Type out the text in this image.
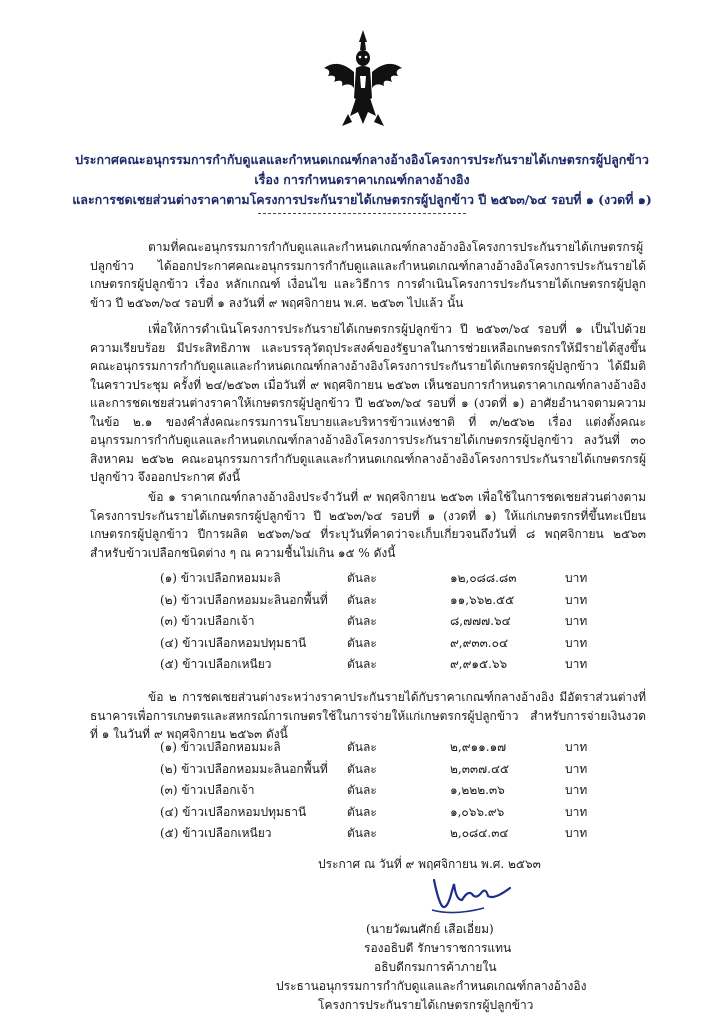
ประกาศคณะอนุกรรมการกำกับดูแลและกำหนดเกณฑ์กลางอ้างอิงโครงการประกันรายได้เกษตรกรผู้ปลูกข้าว
เรื่อง การกำหนดราคาเกณฑ์กลางอ้างอิง
และการชดเชยส่วนต่างราคาตามโครงการประกันรายได้เกษตรกรผู้ปลูกข้าว ปี ๒๕๖๓/๖๔ รอบที่ ๑ (งวดที่ ๑)
ตามที่คณะอนุกรรมการกำกับดูแลและกำหนดเกณฑ์กลางอ้างอิงโครงการประกันรายได้เกษตรกรผู้ปลูกข้าว ได้ออกประกาศคณะอนุกรรมการกำกับดูแลและกำหนดเกณฑ์กลางอ้างอิงโครงการประกันรายได้เกษตรกรผู้ปลูกข้าว เรื่อง หลักเกณฑ์ เงื่อนไข และวิธีการ การดำเนินโครงการประกันรายได้เกษตรกรผู้ปลูกข้าว ปี ๒๕๖๓/๖๔ รอบที่ ๑ ลงวันที่ ๙ พฤศจิกายน พ.ศ. ๒๕๖๓ ไปแล้ว นั้น
เพื่อให้การดำเนินโครงการประกันรายได้เกษตรกรผู้ปลูกข้าว ปี ๒๕๖๓/๖๔ รอบที่ ๑ เป็นไปด้วยความเรียบร้อย มีประสิทธิภาพ และบรรลุวัตถุประสงค์ของรัฐบาลในการช่วยเหลือเกษตรกรให้มีรายได้สูงขึ้น คณะอนุกรรมการกำกับดูแลและกำหนดเกณฑ์กลางอ้างอิงโครงการประกันรายได้เกษตรกรผู้ปลูกข้าว ได้มีมติในคราวประชุม ครั้งที่ ๒๔/๒๕๖๓ เมื่อวันที่ ๙ พฤศจิกายน ๒๕๖๓ เห็นชอบการกำหนดราคาเกณฑ์กลางอ้างอิงและการชดเชยส่วนต่างราคาให้เกษตรกรผู้ปลูกข้าว ปี ๒๕๖๓/๖๔ รอบที่ ๑ (งวดที่ ๑) อาศัยอำนาจตามความในข้อ ๒.๑ ของคำสั่งคณะกรรมการนโยบายและบริหารข้าวแห่งชาติ ที่ ๓/๒๕๖๒ เรื่อง แต่งตั้งคณะอนุกรรมการกำกับดูแลและกำหนดเกณฑ์กลางอ้างอิงโครงการประกันรายได้เกษตรกรผู้ปลูกข้าว ลงวันที่ ๓๐ สิงหาคม ๒๕๖๒ คณะอนุกรรมการกำกับดูแลและกำหนดเกณฑ์กลางอ้างอิงโครงการประกันรายได้เกษตรกรผู้ปลูกข้าว จึงออกประกาศ ดังนี้
ข้อ ๑ ราคาเกณฑ์กลางอ้างอิงประจำวันที่ ๙ พฤศจิกายน ๒๕๖๓ เพื่อใช้ในการชดเชยส่วนต่างตามโครงการประกันรายได้เกษตรกรผู้ปลูกข้าว ปี ๒๕๖๓/๖๔ รอบที่ ๑ (งวดที่ ๑) ให้แก่เกษตรกรที่ขึ้นทะเบียนเกษตรกรผู้ปลูกข้าว ปีการผลิต ๒๕๖๓/๖๔ ที่ระบุวันที่คาดว่าจะเก็บเกี่ยวจนถึงวันที่ ๘ พฤศจิกายน ๒๕๖๓ สำหรับข้าวเปลือกชนิดต่าง ๆ ณ ความชื้นไม่เกิน ๑๕ % ดังนี้
(๑) ข้าวเปลือกหอมมะลิ	ตันละ	๑๒,๐๘๘.๘๓	บาท
(๒) ข้าวเปลือกหอมมะลินอกพื้นที่ ตันละ	๑๑,๖๖๒.๕๕	บาท
(๓) ข้าวเปลือกเจ้า	ตันละ	๘,๗๗๗.๖๔	บาท
(๔) ข้าวเปลือกหอมปทุมธานี	ตันละ	๙,๙๓๓.๐๔	บาท
(๕) ข้าวเปลือกเหนียว	ตันละ	๙,๙๑๕.๖๖	บาท
ข้อ ๒ การชดเชยส่วนต่างระหว่างราคาประกันรายได้กับราคาเกณฑ์กลางอ้างอิง มีอัตราส่วนต่างที่ธนาคารเพื่อการเกษตรและสหกรณ์การเกษตรใช้ในการจ่ายให้แก่เกษตรกรผู้ปลูกข้าว สำหรับการจ่ายเงินงวดที่ ๑ ในวันที่ ๙ พฤศจิกายน ๒๕๖๓ ดังนี้
(๑) ข้าวเปลือกหอมมะลิ	ตันละ	๒,๙๑๑.๑๗	บาท
(๒) ข้าวเปลือกหอมมะลินอกพื้นที่ ตันละ	๒,๓๓๗.๔๕	บาท
(๓) ข้าวเปลือกเจ้า	ตันละ	๑,๒๒๒.๓๖	บาท
(๔) ข้าวเปลือกหอมปทุมธานี	ตันละ	๑,๐๖๖.๙๖	บาท
(๕) ข้าวเปลือกเหนียว	ตันละ	๒,๐๘๔.๓๔	บาท
ประกาศ ณ วันที่ ๙ พฤศจิกายน พ.ศ. ๒๕๖๓
(นายวัฒนศักย์ เสือเอี่ยม)
รองอธิบดี รักษาราชการแทน
อธิบดีกรมการค้าภายใน
ประธานอนุกรรมการกำกับดูแลและกำหนดเกณฑ์กลางอ้างอิง
โครงการประกันรายได้เกษตรกรผู้ปลูกข้าว
